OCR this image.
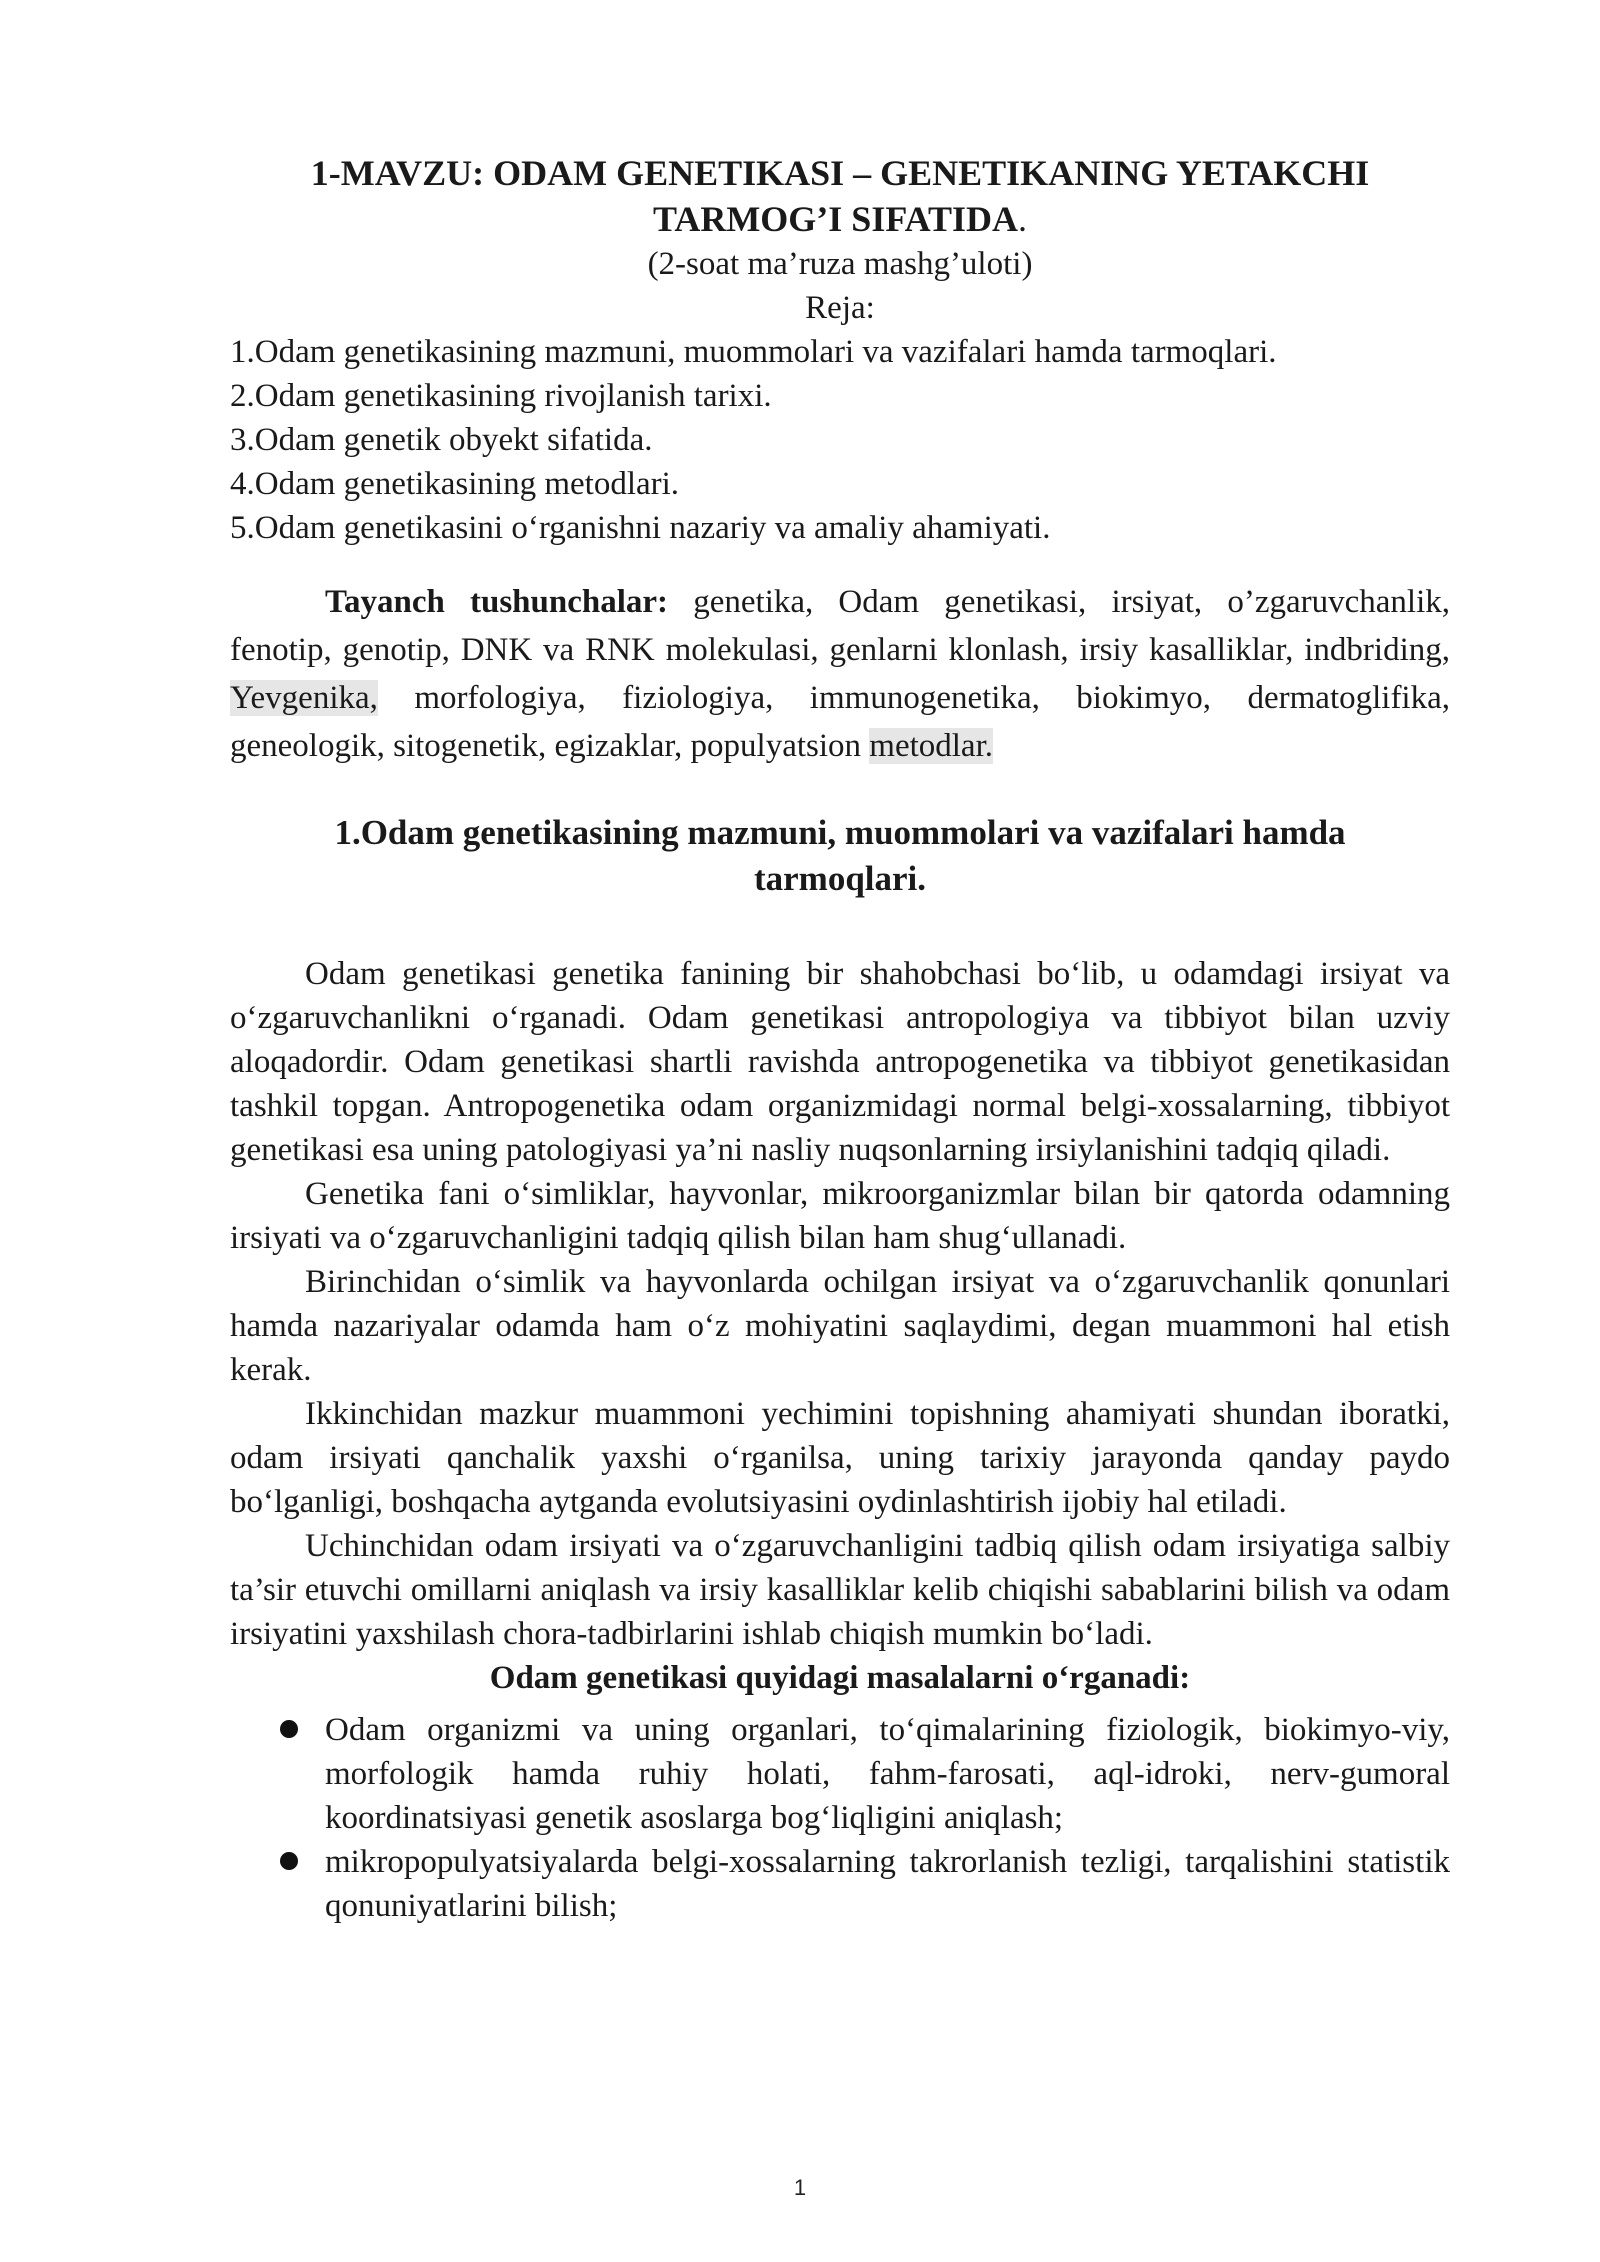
1-MAVZU: ODAM GENETIKASI – GENETIKANING YETAKCHI
TARMOG’I SIFATIDA.

(2-soat ma’ruza mashg’uloti)

Reja:

1.Odam genetikasining mazmuni, muommolari va vazifalari hamda tarmoqlari.
2.Odam genetikasining rivojlanish tarixi.
3.Odam genetik obyekt sifatida.
4.Odam genetikasining metodlari.
5.Odam genetikasini o‘rganishni nazariy va amaliy ahamiyati.

Tayanch tushunchalar: genetika, Odam genetikasi, irsiyat, o’zgaruvchanlik, fenotip, genotip, DNK va RNK molekulasi, genlarni klonlash, irsiy kasalliklar, indbriding, Yevgenika, morfologiya, fiziologiya, immunogenetika, biokimyo, dermatoglifika, geneologik, sitogenetik, egizaklar, populyatsion metodlar.

1.Odam genetikasining mazmuni, muommolari va vazifalari hamda tarmoqlari.

Odam genetikasi genetika fanining bir shahobchasi bo‘lib, u odamdagi irsiyat va o‘zgaruvchanlikni o‘rganadi. Odam genetikasi antropologiya va tibbiyot bilan uzviy aloqadordir. Odam genetikasi shartli ravishda antropogenetika va tibbiyot genetikasidan tashkil topgan. Antropogenetika odam organizmidagi normal belgi-xossalarning, tibbiyot genetikasi esa uning patologiyasi ya’ni nasliy nuqsonlarning irsiylanishini tadqiq qiladi.

Genetika fani o‘simliklar, hayvonlar, mikroorganizmlar bilan bir qatorda odamning irsiyati va o‘zgaruvchanligini tadqiq qilish bilan ham shug‘ullanadi.

Birinchidan o‘simlik va hayvonlarda ochilgan irsiyat va o‘zgaruvchanlik qonunlari hamda nazariyalar odamda ham o‘z mohiyatini saqlaydimi, degan muammoni hal etish kerak.

Ikkinchidan mazkur muammoni yechimini topishning ahamiyati shundan iboratki, odam irsiyati qanchalik yaxshi o‘rganilsa, uning tarixiy jarayonda qanday paydo bo‘lganligi, boshqacha aytganda evolutsiyasini oydinlashtirish ijobiy hal etiladi.

Uchinchidan odam irsiyati va o‘zgaruvchanligini tadbiq qilish odam irsiyatiga salbiy ta’sir etuvchi omillarni aniqlash va irsiy kasalliklar kelib chiqishi sabablarini bilish va odam irsiyatini yaxshilash chora-tadbirlarini ishlab chiqish mumkin bo‘ladi.

Odam genetikasi quyidagi masalalarni o‘rganadi:
Odam organizmi va uning organlari, to‘qimalarining fiziologik, biokimyo-viy, morfologik hamda ruhiy holati, fahm-farosati, aql-idroki, nerv-gumoral koordinatsiyasi genetik asoslarga bog‘liqligini aniqlash;
mikropopulyatsiyalarda belgi-xossalarning takrorlanish tezligi, tarqalishini statistik qonuniyatlarini bilish;
1
